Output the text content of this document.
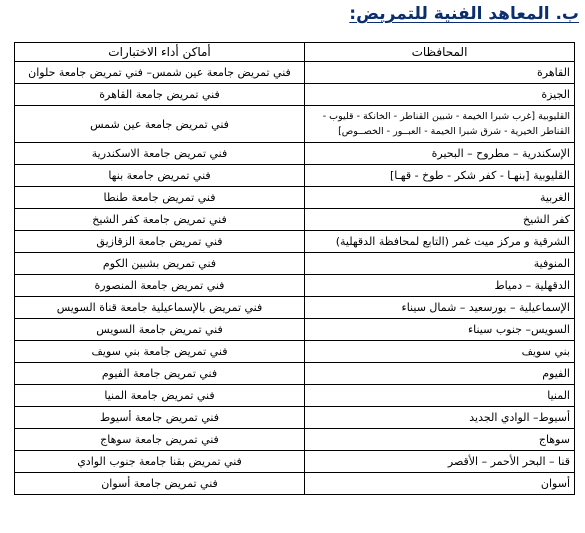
ب. المعاهد الفنية للتمريض:
المحافظات	أماكن أداء الاختبارات
القاهرة	فني تمريض جامعة عين شمس– فني تمريض جامعة حلوان
الجيزة	فني تمريض جامعة القاهرة
القليوبية [غرب شبرا الخيمة - شبين القناطر - الخانكة - قليوب - القناطر الخيرية - شرق شبرا الخيمة - العبــور - الخصــوص]	فني تمريض جامعة عين شمس
الإسكندرية – مطروح – البحيرة	فني تمريض جامعة الاسكندرية
القليوبية [بنهـا - كفر شكر - طوخ - قهـا]	فني تمريض جامعة بنها
الغربية	فني تمريض جامعة طنطا
كفر الشيخ	فني تمريض جامعة كفر الشيخ
الشرقية و مركز ميت غمر (التابع لمحافظة الدقهلية)	فني تمريض جامعة الزقازيق
المنوفية	فني تمريض بشبين الكوم
الدقهلية – دمياط	فني تمريض جامعة المنصورة
الإسماعيلية – بورسعيد – شمال سيناء	فني تمريض بالإسماعيلية جامعة قناة السويس
السويس– جنوب سيناء	فني تمريض جامعة السويس
بني سويف	فني تمريض جامعة بني سويف
الفيوم	فني تمريض جامعة الفيوم
المنيا	فني تمريض جامعة المنيا
أسيوط– الوادي الجديد	فني تمريض جامعة أسيوط
سوهاج	فني تمريض جامعة سوهاج
قنا – البحر الأحمر – الأقصر	فني تمريض بقنا جامعة جنوب الوادي
أسوان	فني تمريض جامعة أسوان
